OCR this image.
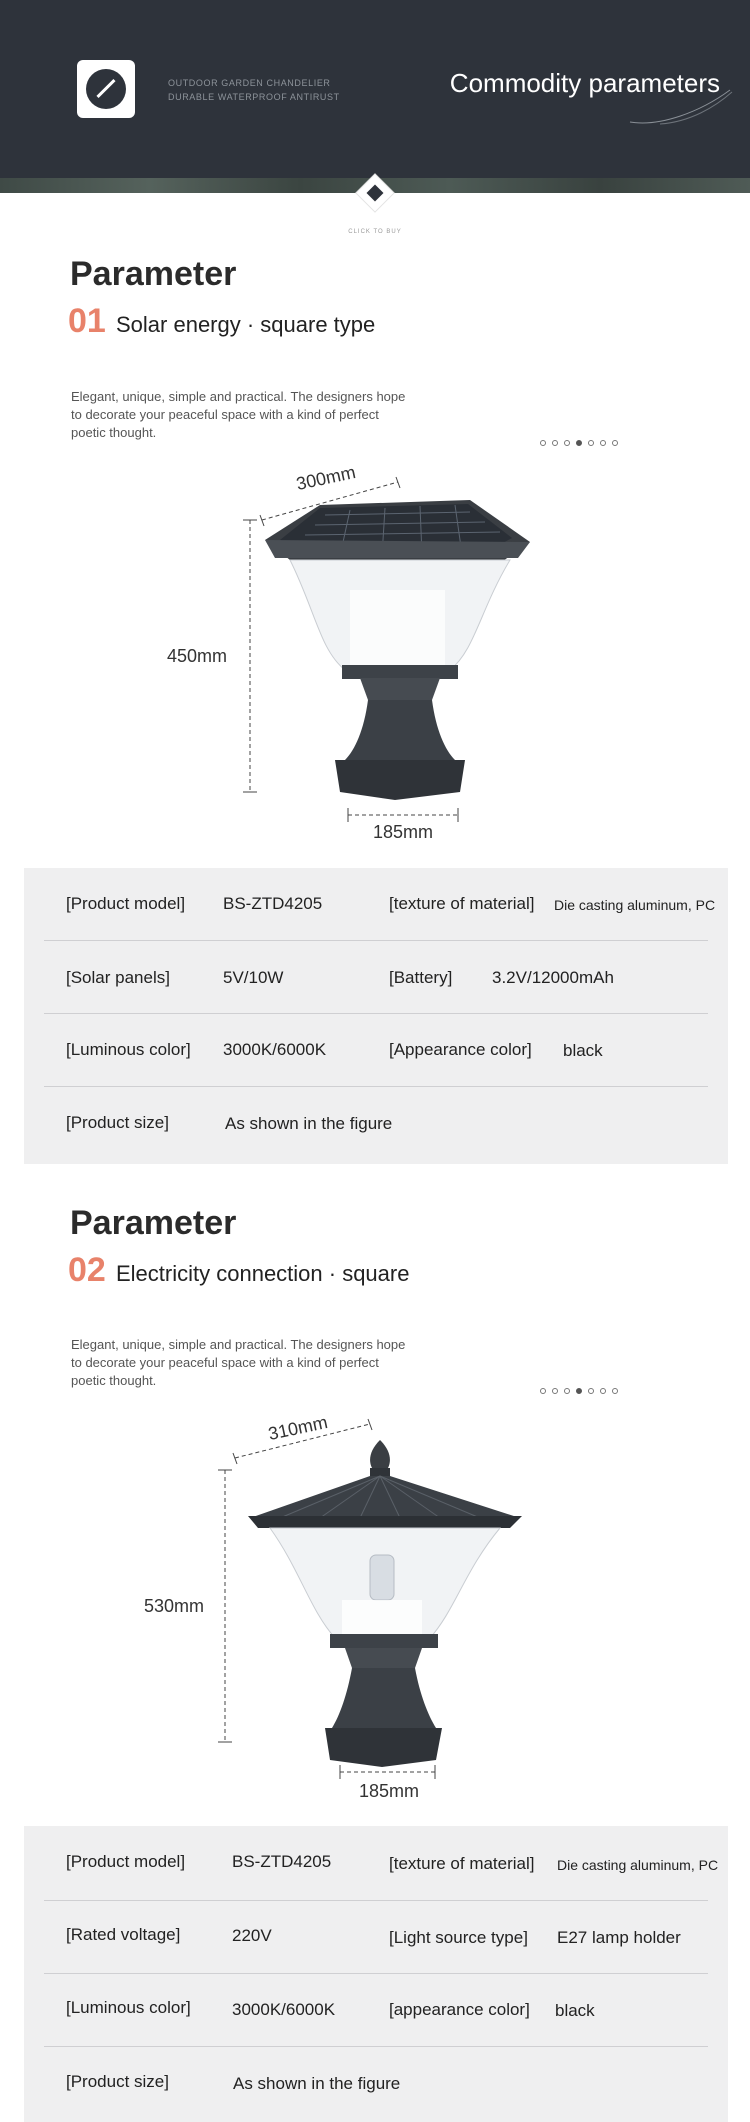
OUTDOOR GARDEN CHANDELIER DURABLE WATERPROOF ANTIRUST	Commodity parameters
CLICK TO BUY
Parameter
01 Solar energy · square type
Elegant, unique, simple and practical. The designers hope to decorate your peaceful space with a kind of perfect poetic thought.
300mm
450mm
185mm
[Product model] BS-ZTD4205	[texture of material] Die casting aluminum, PC
[Solar panels]	5V/10W	[Battery] 3.2V/12000mAh
[Luminous color] 3000K/6000K	[Appearance color] black
[Product size]	As shown in the figure
Parameter
02 Electricity connection · square
Elegant, unique, simple and practical. The designers hope to decorate your peaceful space with a kind of perfect poetic thought.
310mm
530mm
185mm
[Product model]	BS-ZTD4205	[texture of material] Die casting aluminum, PC
[Rated voltage]	220V	[Light source type] E27 lamp holder
[Luminous color] 3000K/6000K	[appearance color] black
[Product size]	As shown in the figure
